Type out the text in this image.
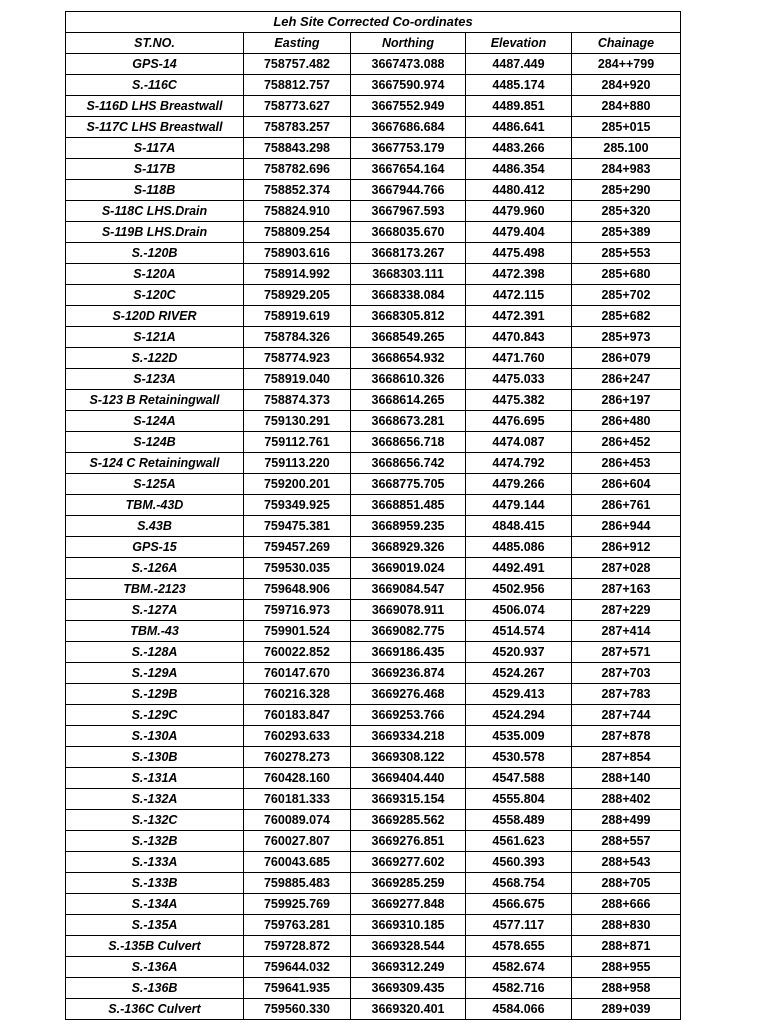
Leh Site Corrected Co-ordinates				
ST.NO.	Easting	Northing	Elevation	Chainage
GPS-14	758757.482	3667473.088	4487.449	284++799
S.-116C	758812.757	3667590.974	4485.174	284+920
S-116D LHS Breastwall	758773.627	3667552.949	4489.851	284+880
S-117C LHS Breastwall	758783.257	3667686.684	4486.641	285+015
S-117A	758843.298	3667753.179	4483.266	285.100
S-117B	758782.696	3667654.164	4486.354	284+983
S-118B	758852.374	3667944.766	4480.412	285+290
S-118C LHS.Drain	758824.910	3667967.593	4479.960	285+320
S-119B LHS.Drain	758809.254	3668035.670	4479.404	285+389
S.-120B	758903.616	3668173.267	4475.498	285+553
S-120A	758914.992	3668303.111	4472.398	285+680
S-120C	758929.205	3668338.084	4472.115	285+702
S-120D RIVER	758919.619	3668305.812	4472.391	285+682
S-121A	758784.326	3668549.265	4470.843	285+973
S.-122D	758774.923	3668654.932	4471.760	286+079
S-123A	758919.040	3668610.326	4475.033	286+247
S-123 B Retainingwall	758874.373	3668614.265	4475.382	286+197
S-124A	759130.291	3668673.281	4476.695	286+480
S-124B	759112.761	3668656.718	4474.087	286+452
S-124 C Retainingwall	759113.220	3668656.742	4474.792	286+453
S-125A	759200.201	3668775.705	4479.266	286+604
TBM.-43D	759349.925	3668851.485	4479.144	286+761
S.43B	759475.381	3668959.235	4848.415	286+944
GPS-15	759457.269	3668929.326	4485.086	286+912
S.-126A	759530.035	3669019.024	4492.491	287+028
TBM.-2123	759648.906	3669084.547	4502.956	287+163
S.-127A	759716.973	3669078.911	4506.074	287+229
TBM.-43	759901.524	3669082.775	4514.574	287+414
S.-128A	760022.852	3669186.435	4520.937	287+571
S.-129A	760147.670	3669236.874	4524.267	287+703
S.-129B	760216.328	3669276.468	4529.413	287+783
S.-129C	760183.847	3669253.766	4524.294	287+744
S.-130A	760293.633	3669334.218	4535.009	287+878
S.-130B	760278.273	3669308.122	4530.578	287+854
S.-131A	760428.160	3669404.440	4547.588	288+140
S.-132A	760181.333	3669315.154	4555.804	288+402
S.-132C	760089.074	3669285.562	4558.489	288+499
S.-132B	760027.807	3669276.851	4561.623	288+557
S.-133A	760043.685	3669277.602	4560.393	288+543
S.-133B	759885.483	3669285.259	4568.754	288+705
S.-134A	759925.769	3669277.848	4566.675	288+666
S.-135A	759763.281	3669310.185	4577.117	288+830
S.-135B Culvert	759728.872	3669328.544	4578.655	288+871
S.-136A	759644.032	3669312.249	4582.674	288+955
S.-136B	759641.935	3669309.435	4582.716	288+958
S.-136C Culvert	759560.330	3669320.401	4584.066	289+039
